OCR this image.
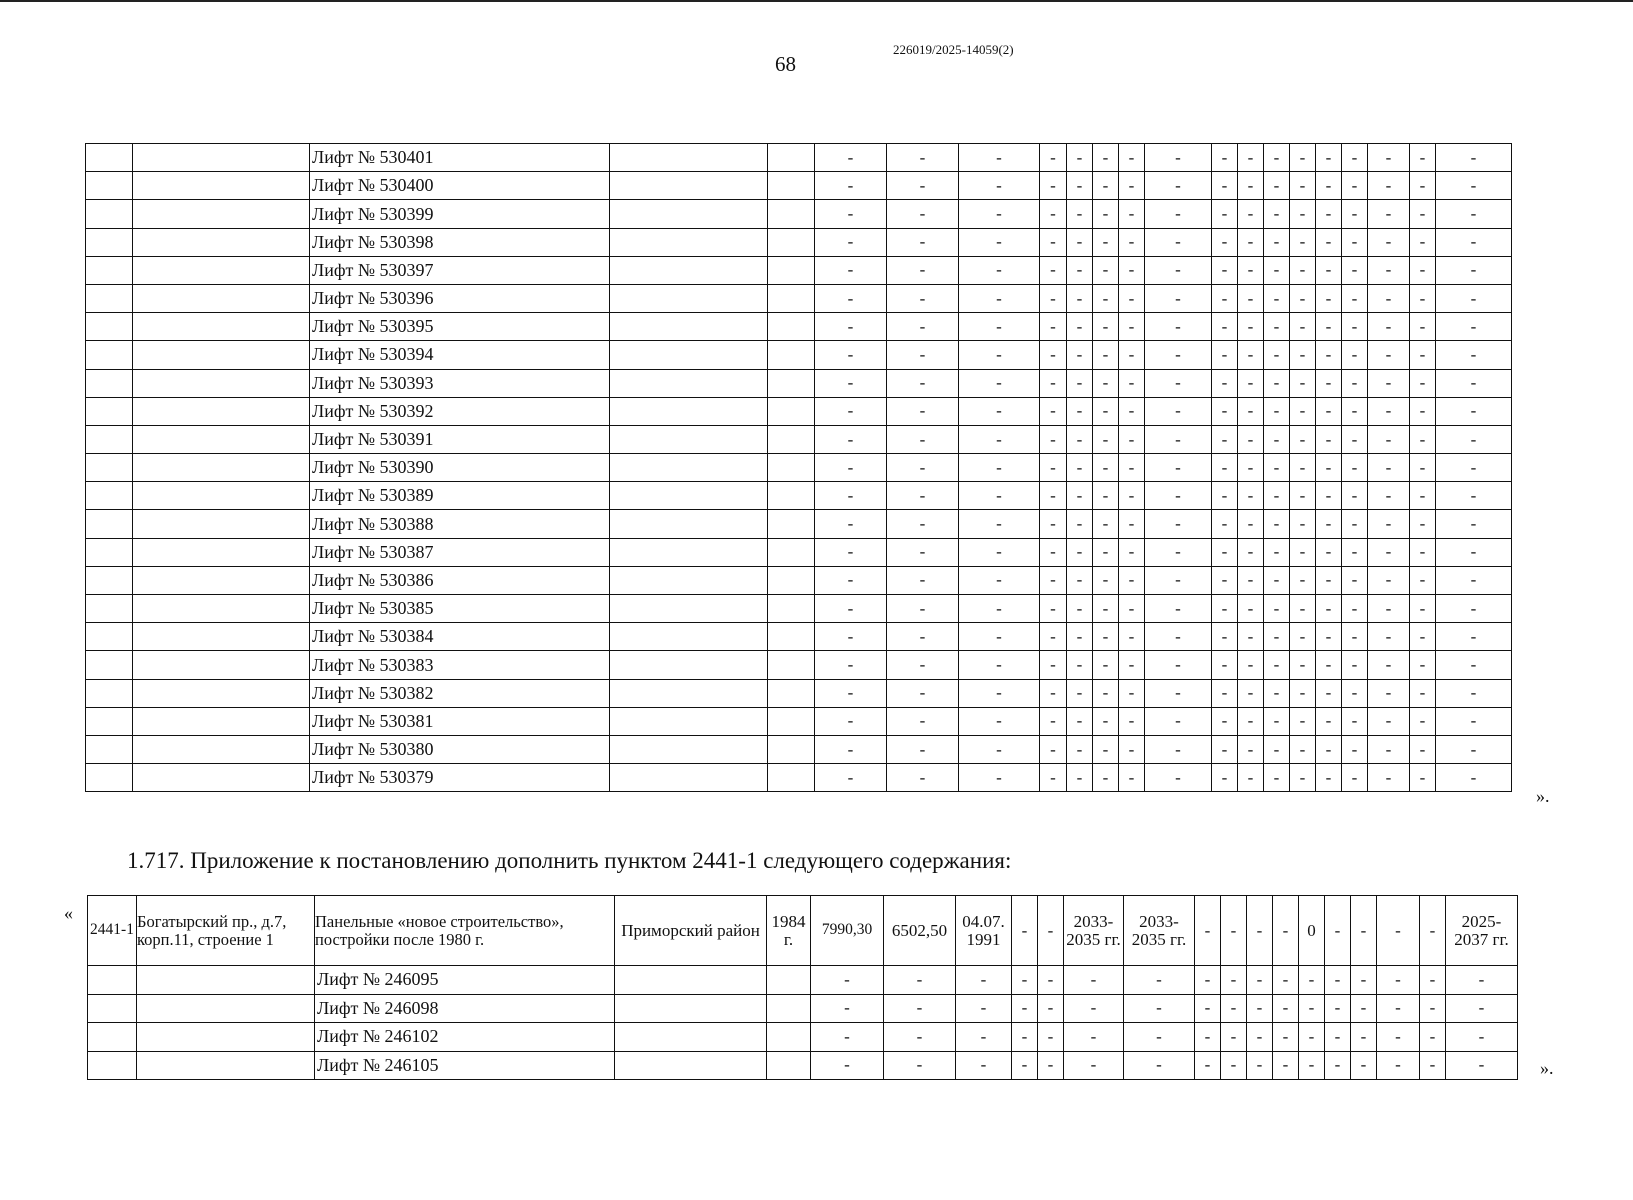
68
226019/2025-14059(2)
		Лифт № 530401			-	-	-	-	-	-	-	-	-	-	-	-	-	-	-	-	-
		Лифт № 530400			-	-	-	-	-	-	-	-	-	-	-	-	-	-	-	-	-
		Лифт № 530399			-	-	-	-	-	-	-	-	-	-	-	-	-	-	-	-	-
		Лифт № 530398			-	-	-	-	-	-	-	-	-	-	-	-	-	-	-	-	-
		Лифт № 530397			-	-	-	-	-	-	-	-	-	-	-	-	-	-	-	-	-
		Лифт № 530396			-	-	-	-	-	-	-	-	-	-	-	-	-	-	-	-	-
		Лифт № 530395			-	-	-	-	-	-	-	-	-	-	-	-	-	-	-	-	-
		Лифт № 530394			-	-	-	-	-	-	-	-	-	-	-	-	-	-	-	-	-
		Лифт № 530393			-	-	-	-	-	-	-	-	-	-	-	-	-	-	-	-	-
		Лифт № 530392			-	-	-	-	-	-	-	-	-	-	-	-	-	-	-	-	-
		Лифт № 530391			-	-	-	-	-	-	-	-	-	-	-	-	-	-	-	-	-
		Лифт № 530390			-	-	-	-	-	-	-	-	-	-	-	-	-	-	-	-	-
		Лифт № 530389			-	-	-	-	-	-	-	-	-	-	-	-	-	-	-	-	-
		Лифт № 530388			-	-	-	-	-	-	-	-	-	-	-	-	-	-	-	-	-
		Лифт № 530387			-	-	-	-	-	-	-	-	-	-	-	-	-	-	-	-	-
		Лифт № 530386			-	-	-	-	-	-	-	-	-	-	-	-	-	-	-	-	-
		Лифт № 530385			-	-	-	-	-	-	-	-	-	-	-	-	-	-	-	-	-
		Лифт № 530384			-	-	-	-	-	-	-	-	-	-	-	-	-	-	-	-	-
		Лифт № 530383			-	-	-	-	-	-	-	-	-	-	-	-	-	-	-	-	-
		Лифт № 530382			-	-	-	-	-	-	-	-	-	-	-	-	-	-	-	-	-
		Лифт № 530381			-	-	-	-	-	-	-	-	-	-	-	-	-	-	-	-	-
		Лифт № 530380			-	-	-	-	-	-	-	-	-	-	-	-	-	-	-	-	-
		Лифт № 530379			-	-	-	-	-	-	-	-	-	-	-	-	-	-	-	-	-
».
1.717. Приложение к постановлению дополнить пунктом 2441-1 следующего содержания:
«
2441-1	Богатырский пр., д.7, корп.11, строение 1	Панельные «новое строительство», постройки после 1980 г.	Приморский район	1984 г.	7990,30	6502,50	04.07. 1991	-	-	2033-2035 гг.	2033-2035 гг.	-	-	-	-	0	-	-	-	-	2025-2037 гг.
		Лифт № 246095			-	-	-	-	-	-	-	-	-	-	-	-	-	-	-	-	-
		Лифт № 246098			-	-	-	-	-	-	-	-	-	-	-	-	-	-	-	-	-
		Лифт № 246102			-	-	-	-	-	-	-	-	-	-	-	-	-	-	-	-	-
		Лифт № 246105			-	-	-	-	-	-	-	-	-	-	-	-	-	-	-	-	-	».
